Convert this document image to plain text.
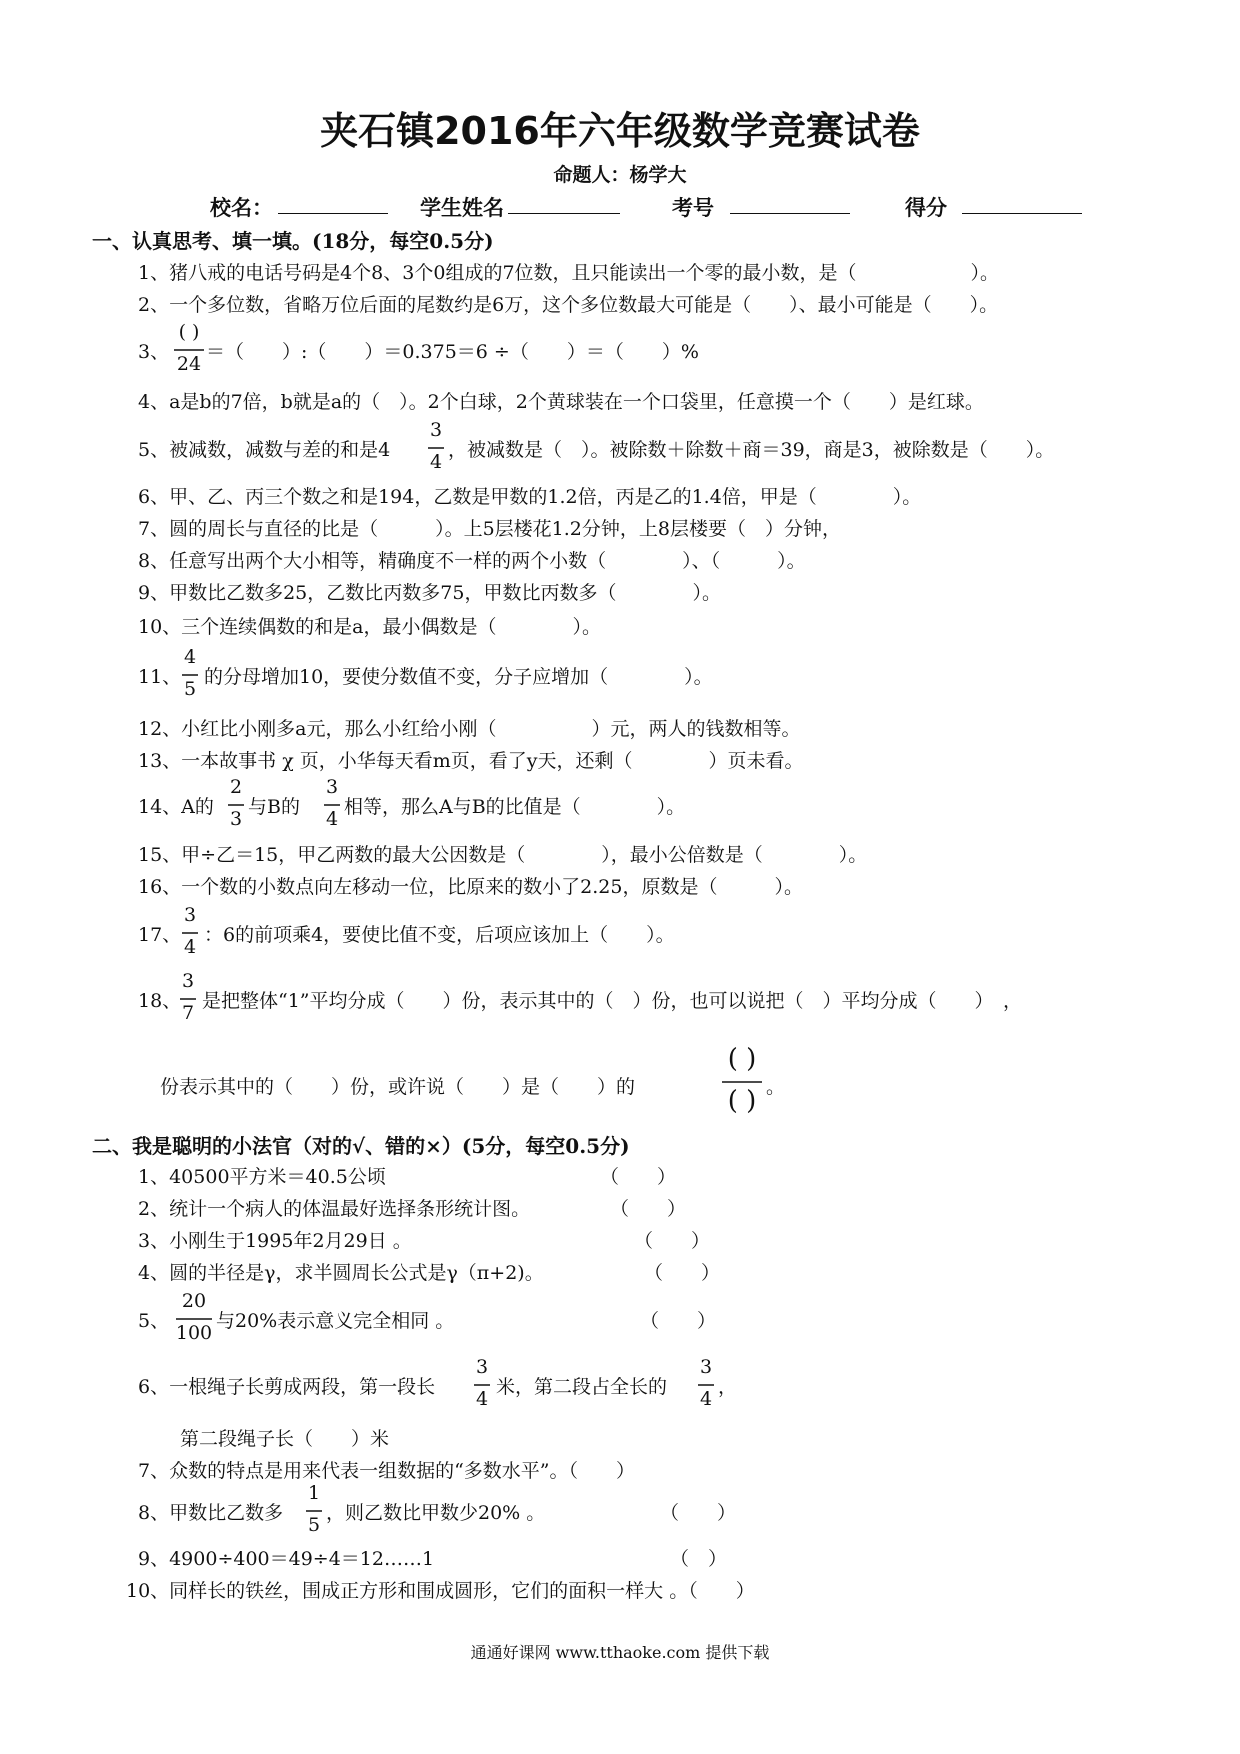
夹石镇2016年六年级数学竞赛试卷
命题人：杨学大
校名：	学生姓名	考号	得分
一、认真思考、填一填。(18分，每空0.5分)
1、猪八戒的电话号码是4个8、3个0组成的7位数，且只能读出一个零的最小数，是（　　　　　　）。
2、一个多位数，省略万位后面的尾数约是6万，这个多位数最大可能是（　　）、最小可能是（　　）。
3、
( )
24
＝（　　）:（　　）＝0.375＝6 ÷（　　）＝（　　）%
4、a是b的7倍，b就是a的（　）。2个白球，2个黄球装在一个口袋里，任意摸一个（　　）是红球。
5、被减数，减数与差的和是4
3
4
，被减数是（　）。被除数＋除数＋商＝39，商是3，被除数是（　　）。
6、甲、乙、丙三个数之和是194，乙数是甲数的1.2倍，丙是乙的1.4倍，甲是（　　　　）。
7、圆的周长与直径的比是（　　　）。上5层楼花1.2分钟，上8层楼要（　）分钟，
8、任意写出两个大小相等，精确度不一样的两个小数（　　　　）、（　　　）。
9、甲数比乙数多25，乙数比丙数多75，甲数比丙数多（　　　　）。
10、三个连续偶数的和是a，最小偶数是（　　　　）。
11、
4
5
的分母增加10，要使分数值不变，分子应增加（　　　　）。
12、小红比小刚多a元，那么小红给小刚（　　　　　）元，两人的钱数相等。
13、一本故事书 χ 页，小华每天看m页，看了y天，还剩（　　　　）页未看。
14、A的
2
3
与B的
3
4
相等，那么A与B的比值是（　　　　）。
15、甲÷乙＝15，甲乙两数的最大公因数是（　　　　），最小公倍数是（　　　　）。
16、一个数的小数点向左移动一位，比原来的数小了2.25，原数是（　　　）。
17、
3
4
：6的前项乘4，要使比值不变，后项应该加上（　　）。
18、
3
7
是把整体“1”平均分成（　　）份，表示其中的（　）份，也可以说把（　）平均分成（　　）　，
份表示其中的（　　）份，或许说（　　）是（　　）的
( )
( ) 。
二、我是聪明的小法官（对的√、错的×）(5分，每空0.5分)
1、40500平方米＝40.5公顷	（　　）
2、统计一个病人的体温最好选择条形统计图。	（　　）
3、小刚生于1995年2月29日 。	（　　）
4、圆的半径是γ，求半圆周长公式是γ（π+2)。	（　　）
5、
20
100
与20%表示意义完全相同 。	（　　）
6、一根绳子长剪成两段，第一段长
3
4
米，第二段占全长的
3
4
，
第二段绳子长（　　）米
7、众数的特点是用来代表一组数据的“多数水平”。（　　）
8、甲数比乙数多
1
5
，则乙数比甲数少20% 。	（　　）
9、4900÷400＝49÷4＝12……1	（　）
10、同样长的铁丝，围成正方形和围成圆形，它们的面积一样大 。（　　）
通通好课网 www.tthaoke.com 提供下载
